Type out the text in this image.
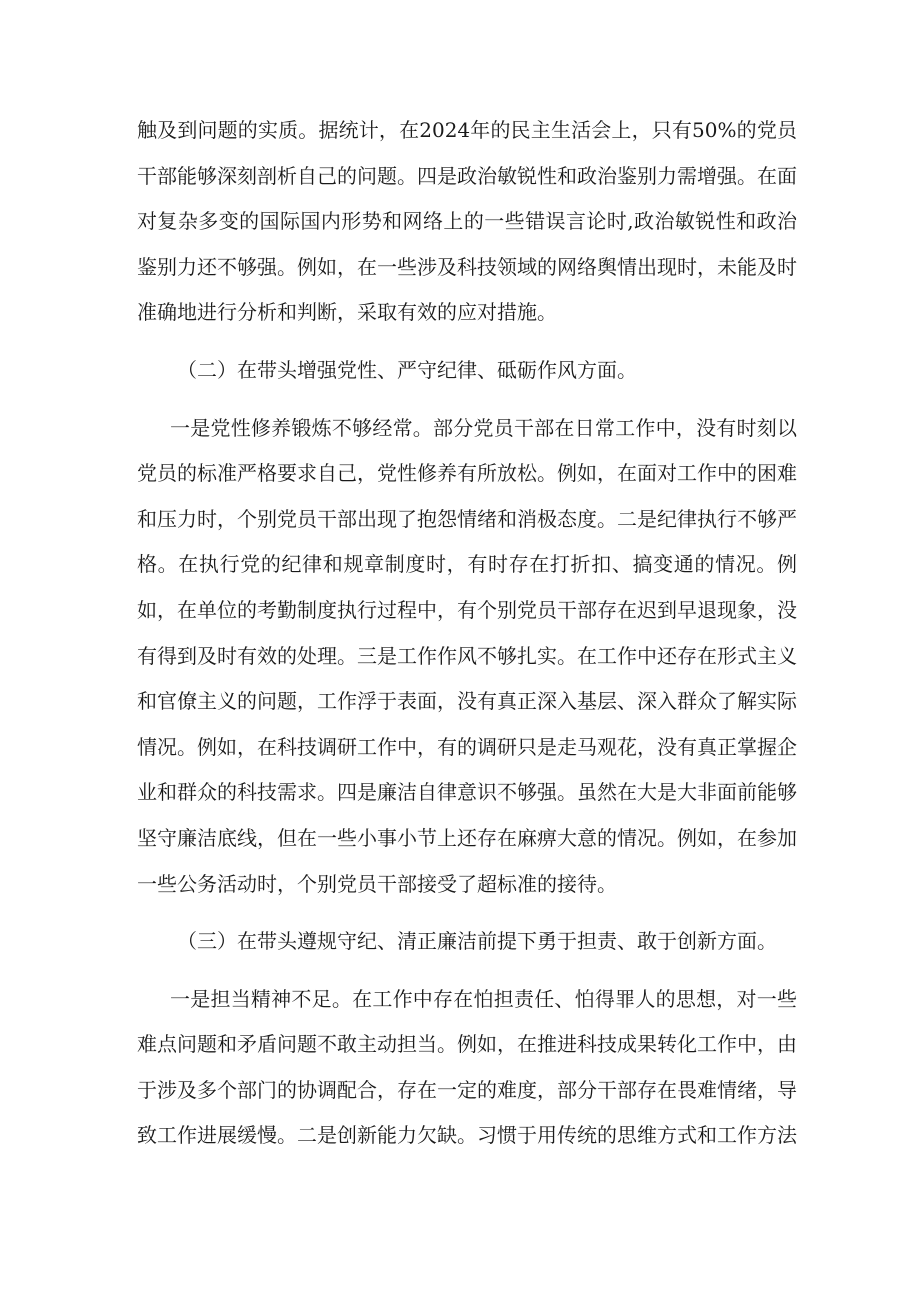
触及到问题的实质。据统计，在2024年的民主生活会上，只有50%的党员干部能够深刻剖析自己的问题。四是政治敏锐性和政治鉴别力需增强。在面对复杂多变的国际国内形势和网络上的一些错误言论时,政治敏锐性和政治鉴别力还不够强。例如，在一些涉及科技领域的网络舆情出现时，未能及时准确地进行分析和判断，采取有效的应对措施。

（二）在带头增强党性、严守纪律、砥砺作风方面。

一是党性修养锻炼不够经常。部分党员干部在日常工作中，没有时刻以党员的标准严格要求自己，党性修养有所放松。例如，在面对工作中的困难和压力时，个别党员干部出现了抱怨情绪和消极态度。二是纪律执行不够严格。在执行党的纪律和规章制度时，有时存在打折扣、搞变通的情况。例如，在单位的考勤制度执行过程中，有个别党员干部存在迟到早退现象，没有得到及时有效的处理。三是工作作风不够扎实。在工作中还存在形式主义和官僚主义的问题，工作浮于表面，没有真正深入基层、深入群众了解实际情况。例如，在科技调研工作中，有的调研只是走马观花，没有真正掌握企业和群众的科技需求。四是廉洁自律意识不够强。虽然在大是大非面前能够坚守廉洁底线，但在一些小事小节上还存在麻痹大意的情况。例如，在参加一些公务活动时，个别党员干部接受了超标准的接待。

（三）在带头遵规守纪、清正廉洁前提下勇于担责、敢于创新方面。

一是担当精神不足。在工作中存在怕担责任、怕得罪人的思想，对一些难点问题和矛盾问题不敢主动担当。例如，在推进科技成果转化工作中，由于涉及多个部门的协调配合，存在一定的难度，部分干部存在畏难情绪，导致工作进展缓慢。二是创新能力欠缺。习惯于用传统的思维方式和工作方法
